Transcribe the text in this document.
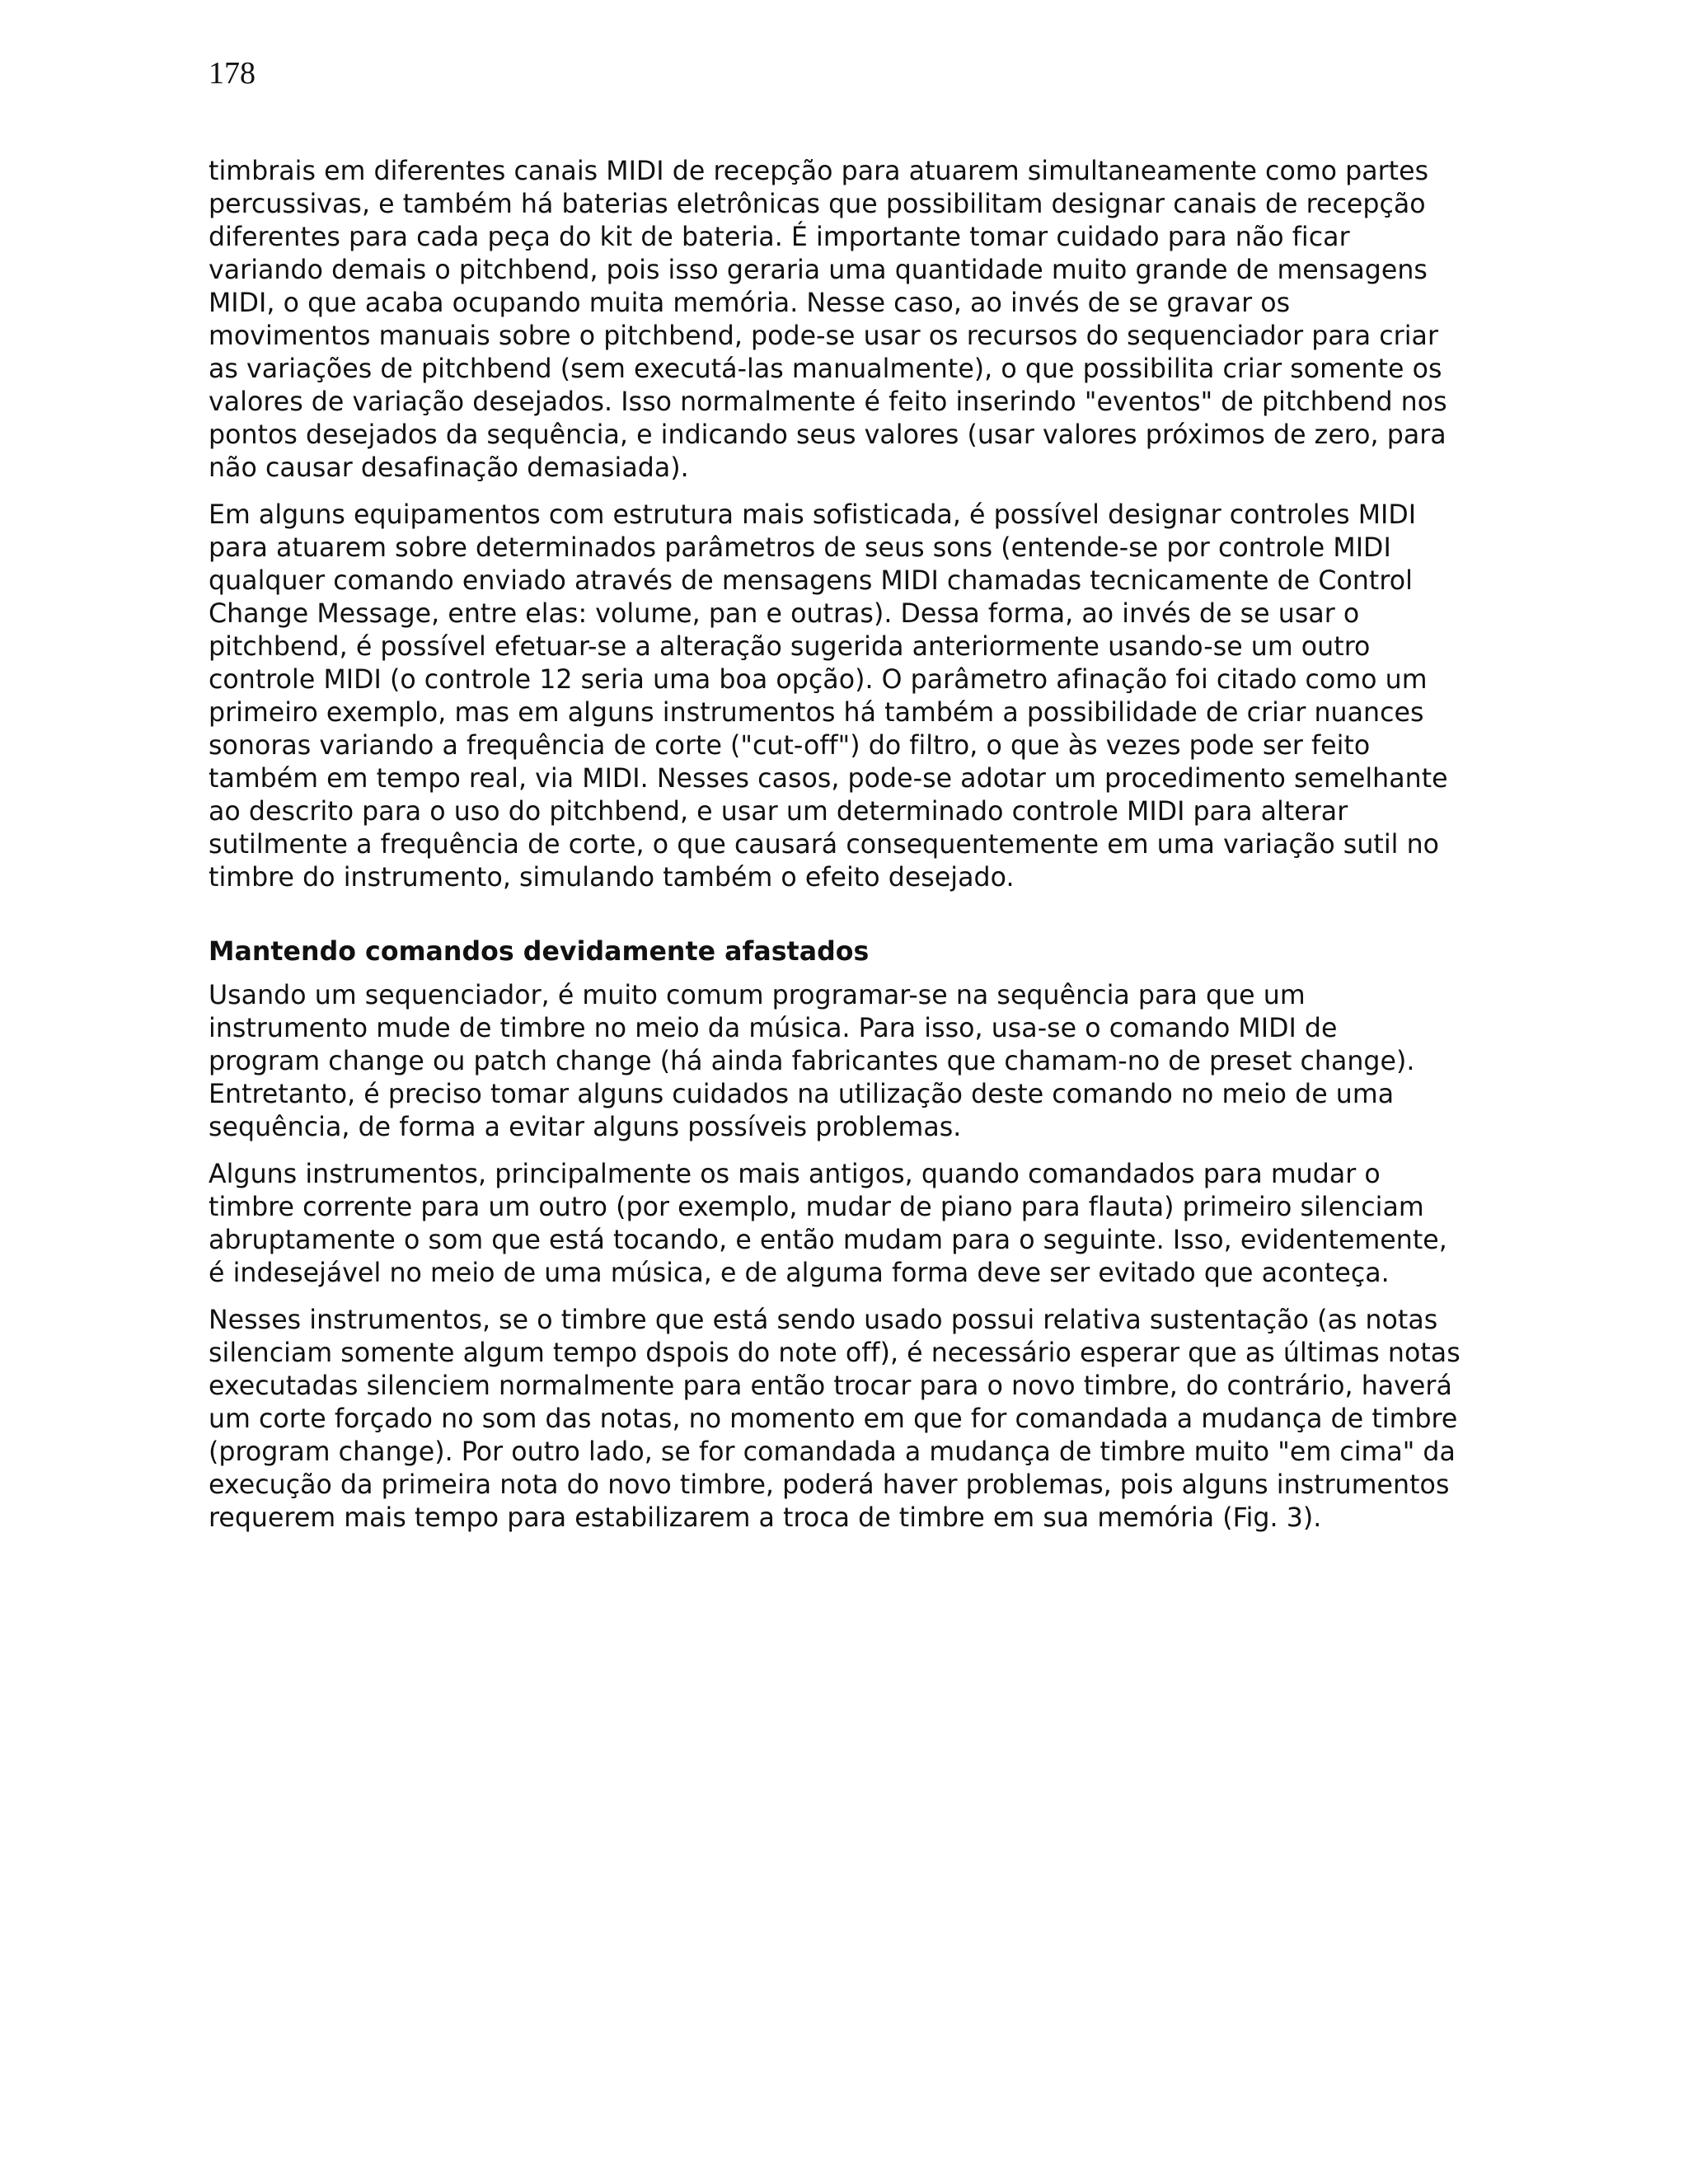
178

timbrais em diferentes canais MIDI de recepção para atuarem simultaneamente como partes
percussivas, e também há baterias eletrônicas que possibilitam designar canais de recepção
diferentes para cada peça do kit de bateria. É importante tomar cuidado para não ficar
variando demais o pitchbend, pois isso geraria uma quantidade muito grande de mensagens
MIDI, o que acaba ocupando muita memória. Nesse caso, ao invés de se gravar os
movimentos manuais sobre o pitchbend, pode-se usar os recursos do sequenciador para criar
as variações de pitchbend (sem executá-las manualmente), o que possibilita criar somente os
valores de variação desejados. Isso normalmente é feito inserindo "eventos" de pitchbend nos
pontos desejados da sequência, e indicando seus valores (usar valores próximos de zero, para
não causar desafinação demasiada).

Em alguns equipamentos com estrutura mais sofisticada, é possível designar controles MIDI
para atuarem sobre determinados parâmetros de seus sons (entende-se por controle MIDI
qualquer comando enviado através de mensagens MIDI chamadas tecnicamente de Control
Change Message, entre elas: volume, pan e outras). Dessa forma, ao invés de se usar o
pitchbend, é possível efetuar-se a alteração sugerida anteriormente usando-se um outro
controle MIDI (o controle 12 seria uma boa opção). O parâmetro afinação foi citado como um
primeiro exemplo, mas em alguns instrumentos há também a possibilidade de criar nuances
sonoras variando a frequência de corte ("cut-off") do filtro, o que às vezes pode ser feito
também em tempo real, via MIDI. Nesses casos, pode-se adotar um procedimento semelhante
ao descrito para o uso do pitchbend, e usar um determinado controle MIDI para alterar
sutilmente a frequência de corte, o que causará consequentemente em uma variação sutil no
timbre do instrumento, simulando também o efeito desejado.

Mantendo comandos devidamente afastados

Usando um sequenciador, é muito comum programar-se na sequência para que um
instrumento mude de timbre no meio da música. Para isso, usa-se o comando MIDI de
program change ou patch change (há ainda fabricantes que chamam-no de preset change).
Entretanto, é preciso tomar alguns cuidados na utilização deste comando no meio de uma
sequência, de forma a evitar alguns possíveis problemas.

Alguns instrumentos, principalmente os mais antigos, quando comandados para mudar o
timbre corrente para um outro (por exemplo, mudar de piano para flauta) primeiro silenciam
abruptamente o som que está tocando, e então mudam para o seguinte. Isso, evidentemente,
é indesejável no meio de uma música, e de alguma forma deve ser evitado que aconteça.

Nesses instrumentos, se o timbre que está sendo usado possui relativa sustentação (as notas
silenciam somente algum tempo dspois do note off), é necessário esperar que as últimas notas
executadas silenciem normalmente para então trocar para o novo timbre, do contrário, haverá
um corte forçado no som das notas, no momento em que for comandada a mudança de timbre
(program change). Por outro lado, se for comandada a mudança de timbre muito "em cima" da
execução da primeira nota do novo timbre, poderá haver problemas, pois alguns instrumentos
requerem mais tempo para estabilizarem a troca de timbre em sua memória (Fig. 3).
